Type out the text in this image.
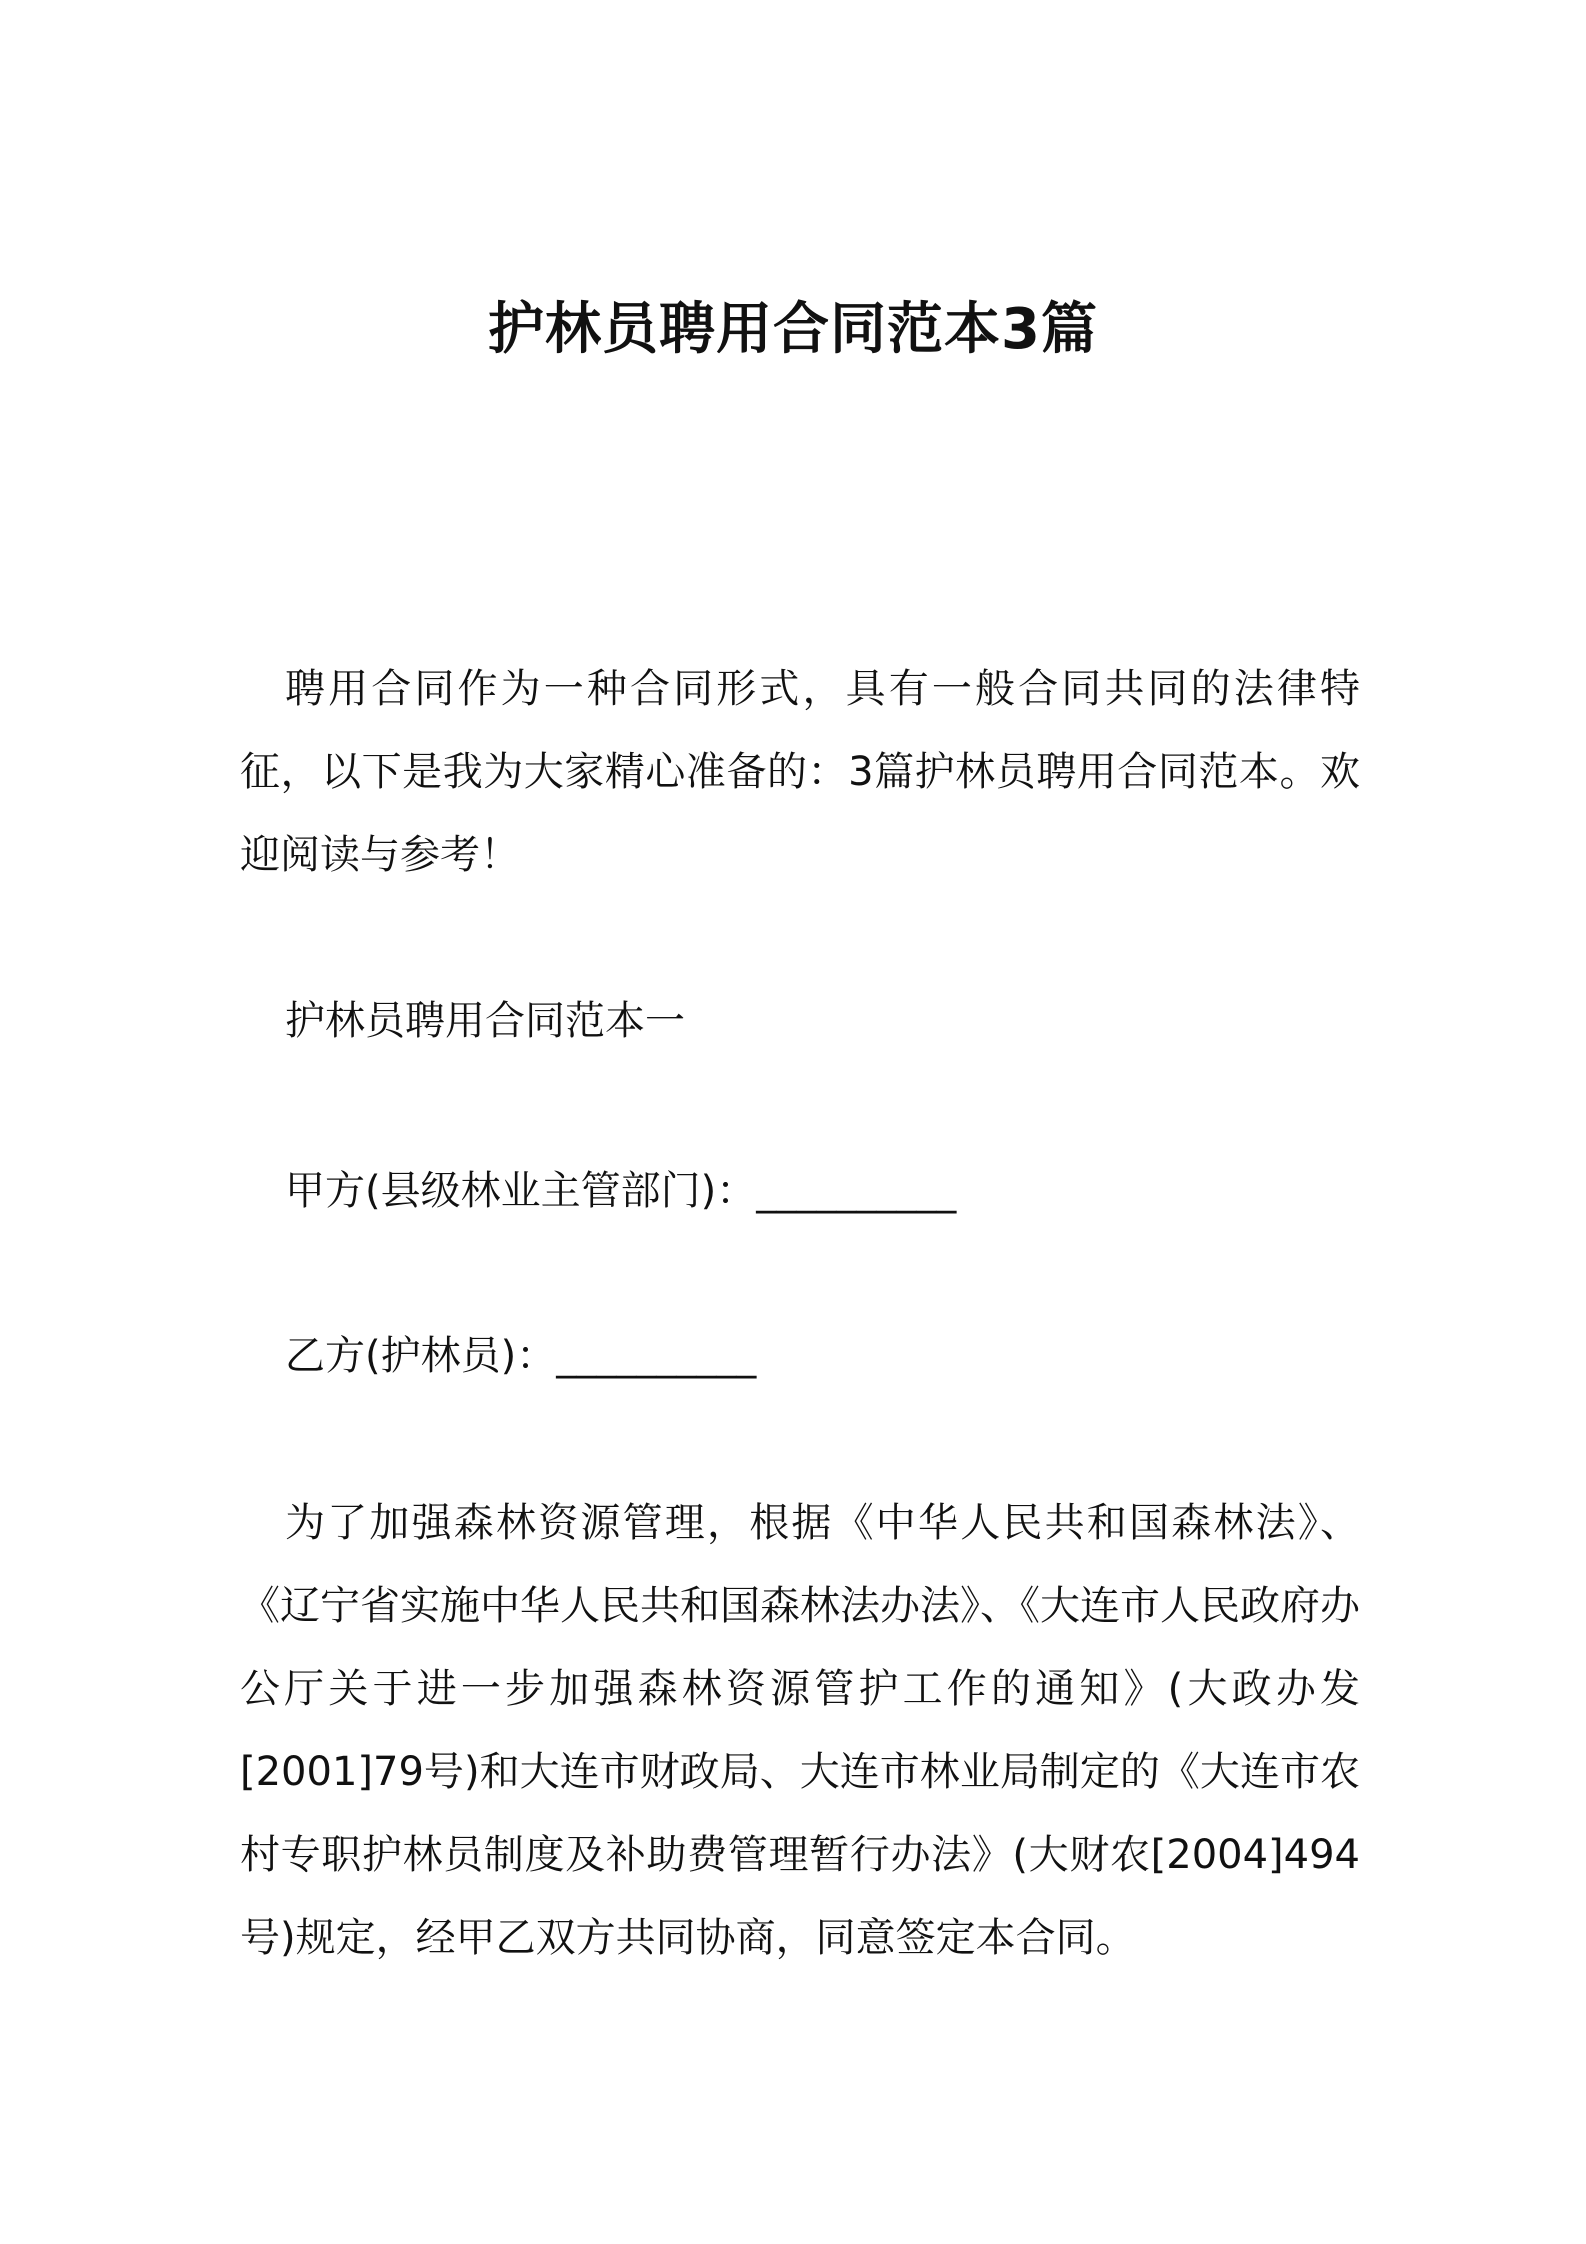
护林员聘用合同范本3篇

聘用合同作为一种合同形式，具有一般合同共同的法律特征，以下是我为大家精心准备的：3篇护林员聘用合同范本。欢迎阅读与参考！

护林员聘用合同范本一

甲方(县级林业主管部门)：__________

乙方(护林员)：__________

为了加强森林资源管理，根据《中华人民共和国森林法》、《辽宁省实施中华人民共和国森林法办法》、《大连市人民政府办公厅关于进一步加强森林资源管护工作的通知》(大政办发[2001]79号)和大连市财政局、大连市林业局制定的《大连市农村专职护林员制度及补助费管理暂行办法》(大财农[2004]494号)规定，经甲乙双方共同协商，同意签定本合同。
